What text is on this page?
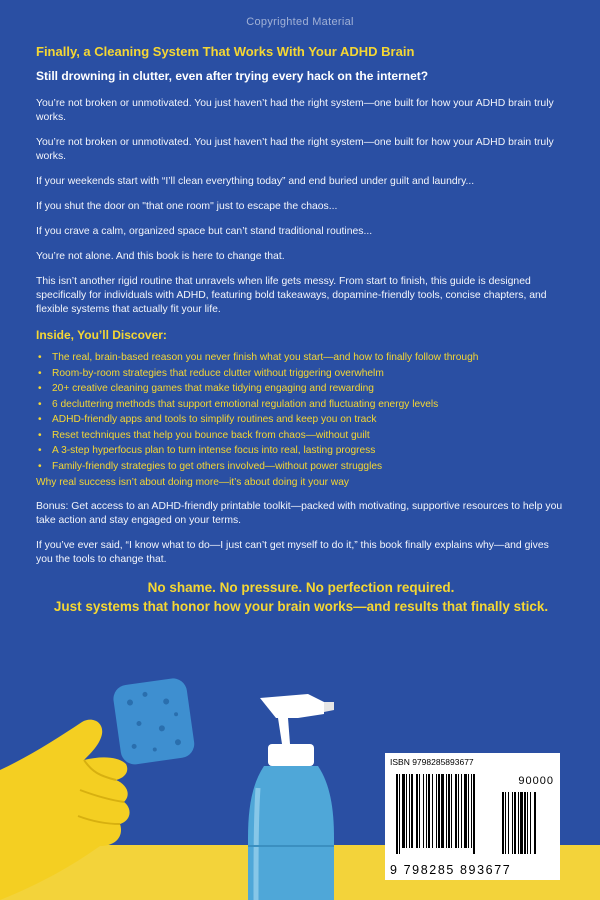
Copyrighted Material
Finally, a Cleaning System That Works With Your ADHD Brain
Still drowning in clutter, even after trying every hack on the internet?

You’re not broken or unmotivated. You just haven’t had the right system—one built for how your ADHD brain truly works.

You’re not broken or unmotivated. You just haven’t had the right system—one built for how your ADHD brain truly works.

If your weekends start with “I’ll clean everything today” and end buried under guilt and laundry...

If you shut the door on "that one room" just to escape the chaos...

If you crave a calm, organized space but can’t stand traditional routines...

You’re not alone. And this book is here to change that.

This isn’t another rigid routine that unravels when life gets messy. From start to finish, this guide is designed specifically for individuals with ADHD, featuring bold takeaways, dopamine-friendly tools, concise chapters, and flexible systems that actually fit your life.

Inside, You’ll Discover:
• The real, brain-based reason you never finish what you start—and how to finally follow through
• Room-by-room strategies that reduce clutter without triggering overwhelm
• 20+ creative cleaning games that make tidying engaging and rewarding
• 6 decluttering methods that support emotional regulation and fluctuating energy levels
• ADHD-friendly apps and tools to simplify routines and keep you on track
• Reset techniques that help you bounce back from chaos—without guilt
• A 3-step hyperfocus plan to turn intense focus into real, lasting progress
• Family-friendly strategies to get others involved—without power struggles
Why real success isn’t about doing more—it’s about doing it your way

Bonus: Get access to an ADHD-friendly printable toolkit—packed with motivating, supportive resources to help you take action and stay engaged on your terms.

If you’ve ever said, “I know what to do—I just can’t get myself to do it,” this book finally explains why—and gives you the tools to change that.

No shame. No pressure. No perfection required.
Just systems that honor how your brain works—and results that finally stick.
ISBN 9798285893677
90000
9 798285 893677
